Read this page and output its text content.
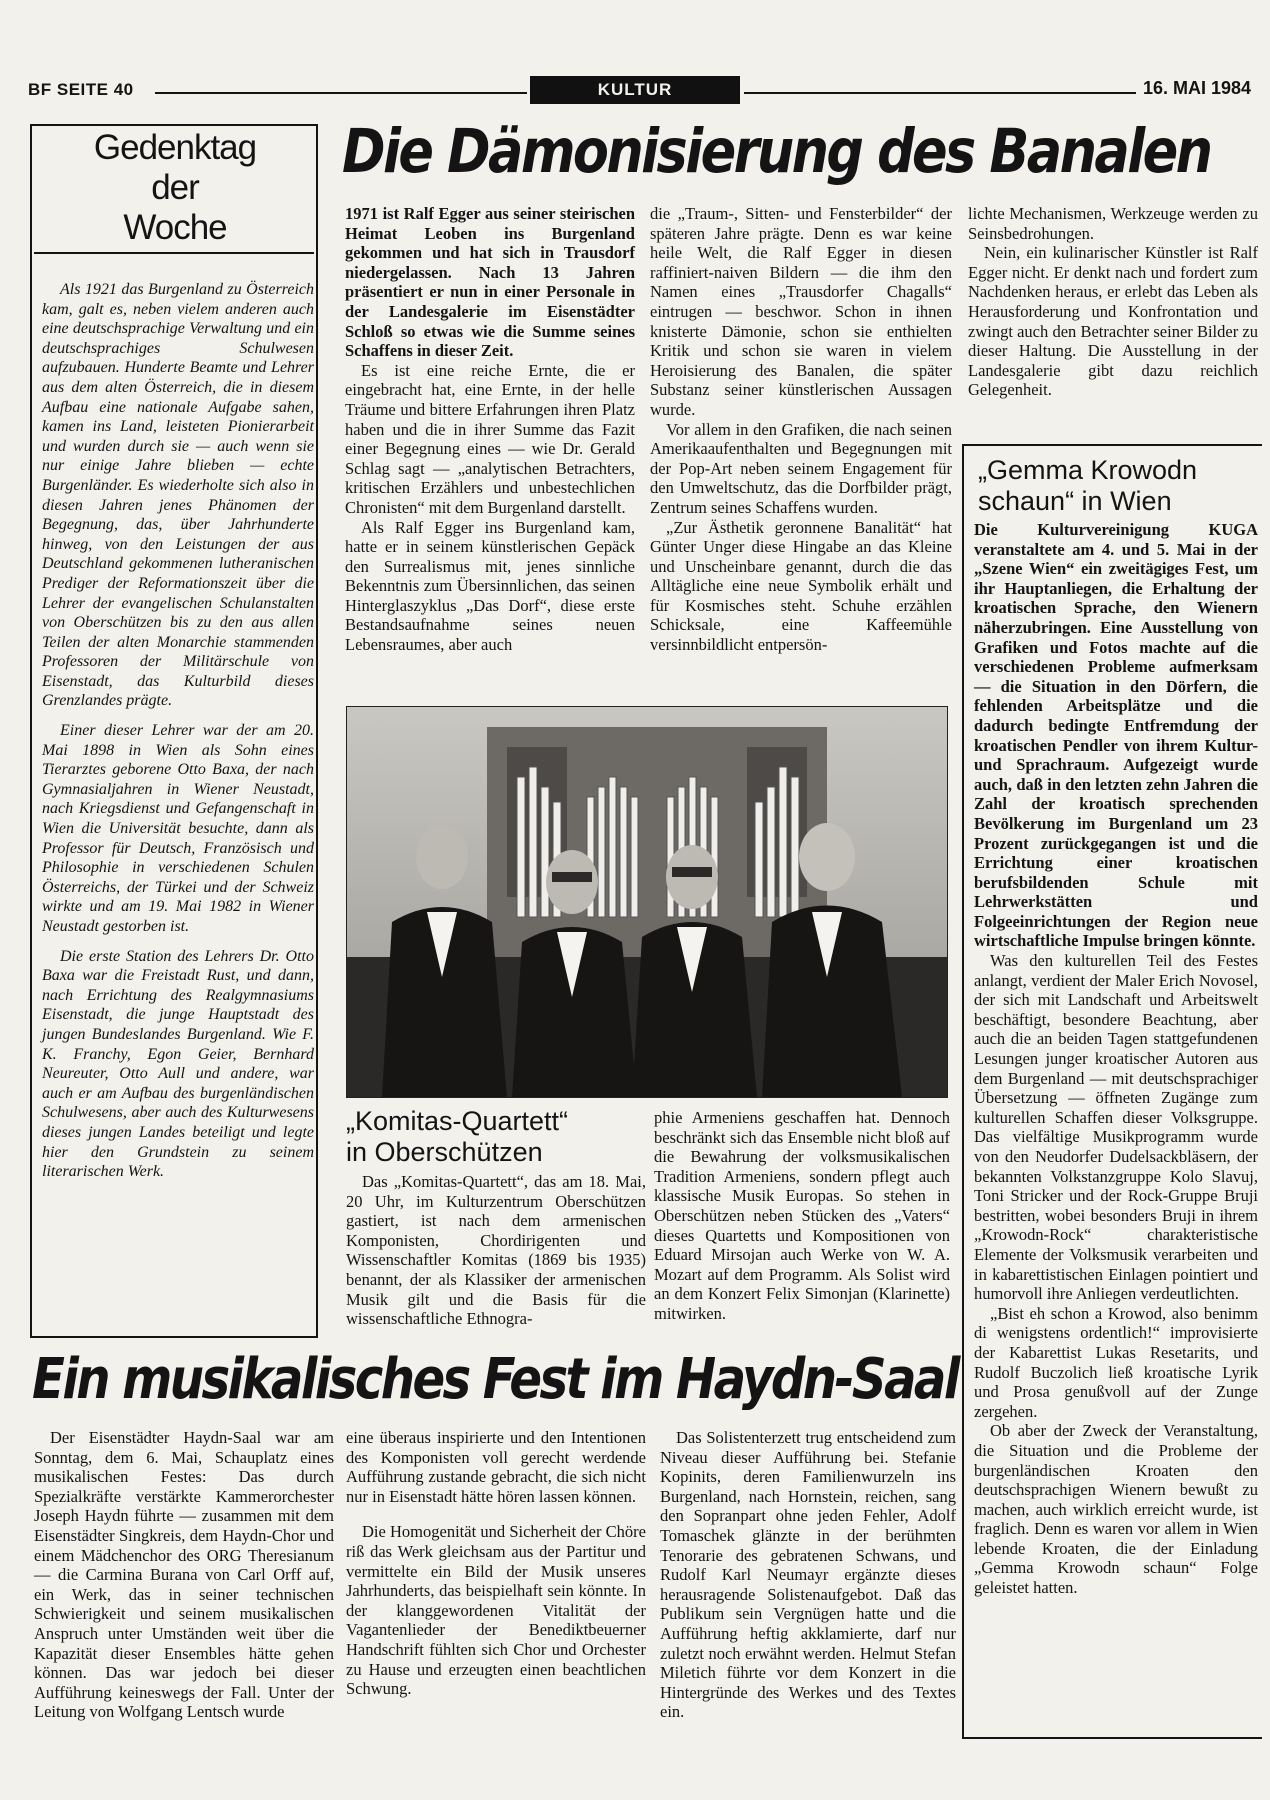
BF SEITE 40	KULTUR	16. MAI 1984
Gedenktag
der
Woche

Als 1921 das Burgenland zu Österreich kam, galt es, neben vielem anderen auch eine deutschsprachige Verwaltung und ein deutschsprachiges Schulwesen aufzubauen. Hunderte Beamte und Lehrer aus dem alten Österreich, die in diesem Aufbau eine nationale Aufgabe sahen, kamen ins Land, leisteten Pionierarbeit und wurden durch sie — auch wenn sie nur einige Jahre blieben — echte Burgenländer. Es wiederholte sich also in diesen Jahren jenes Phänomen der Begegnung, das, über Jahrhunderte hinweg, von den Leistungen der aus Deutschland gekommenen lutheranischen Prediger der Reformationszeit über die Lehrer der evangelischen Schulanstalten von Oberschützen bis zu den aus allen Teilen der alten Monarchie stammenden Professoren der Militärschule von Eisenstadt, das Kulturbild dieses Grenzlandes prägte.

Einer dieser Lehrer war der am 20. Mai 1898 in Wien als Sohn eines Tierarztes geborene Otto Baxa, der nach Gymnasialjahren in Wiener Neustadt, nach Kriegsdienst und Gefangenschaft in Wien die Universität besuchte, dann als Professor für Deutsch, Französisch und Philosophie in verschiedenen Schulen Österreichs, der Türkei und der Schweiz wirkte und am 19. Mai 1982 in Wiener Neustadt gestorben ist.

Die erste Station des Lehrers Dr. Otto Baxa war die Freistadt Rust, und dann, nach Errichtung des Realgymnasiums Eisenstadt, die junge Hauptstadt des jungen Bundeslandes Burgenland. Wie F. K. Franchy, Egon Geier, Bernhard Neureuter, Otto Aull und andere, war auch er am Aufbau des burgenländischen Schulwesens, aber auch des Kulturwesens dieses jungen Landes beteiligt und legte hier den Grundstein zu seinem literarischen Werk.

Die Dämonisierung des Banalen

1971 ist Ralf Egger aus seiner steirischen Heimat Leoben ins Burgenland gekommen und hat sich in Trausdorf niedergelassen. Nach 13 Jahren präsentiert er nun in einer Personale in der Landesgalerie im Eisenstädter Schloß so etwas wie die Summe seines Schaffens in dieser Zeit.

Es ist eine reiche Ernte, die er eingebracht hat, eine Ernte, in der helle Träume und bittere Erfahrungen ihren Platz haben und die in ihrer Summe das Fazit einer Begegnung eines — wie Dr. Gerald Schlag sagt — „analytischen Betrachters, kritischen Erzählers und unbestechlichen Chronisten“ mit dem Burgenland darstellt.

Als Ralf Egger ins Burgenland kam, hatte er in seinem künstlerischen Gepäck den Surrealismus mit, jenes sinnliche Bekenntnis zum Übersinnlichen, das seinen Hinterglaszyklus „Das Dorf“, diese erste Bestandsaufnahme seines neuen Lebensraumes, aber auch

die „Traum-, Sitten- und Fensterbilder“ der späteren Jahre prägte. Denn es war keine heile Welt, die Ralf Egger in diesen raffiniert-naiven Bildern — die ihm den Namen eines „Trausdorfer Chagalls“ eintrugen — beschwor. Schon in ihnen knisterte Dämonie, schon sie enthielten Kritik und schon sie waren in vielem Heroisierung des Banalen, die später Substanz seiner künstlerischen Aussagen wurde.

Vor allem in den Grafiken, die nach seinen Amerikaaufenthalten und Begegnungen mit der Pop-Art neben seinem Engagement für den Umweltschutz, das die Dorfbilder prägt, Zentrum seines Schaffens wurden.

„Zur Ästhetik geronnene Banalität“ hat Günter Unger diese Hingabe an das Kleine und Unscheinbare genannt, durch die das Alltägliche eine neue Symbolik erhält und für Kosmisches steht. Schuhe erzählen Schicksale, eine Kaffeemühle versinnbildlicht entpersön-

lichte Mechanismen, Werkzeuge werden zu Seinsbedrohungen.

Nein, ein kulinarischer Künstler ist Ralf Egger nicht. Er denkt nach und fordert zum Nachdenken heraus, er erlebt das Leben als Herausforderung und Konfrontation und zwingt auch den Betrachter seiner Bilder zu dieser Haltung. Die Ausstellung in der Landesgalerie gibt dazu reichlich Gelegenheit.

„Komitas-Quartett“
in Oberschützen

Das „Komitas-Quartett“, das am 18. Mai, 20 Uhr, im Kulturzentrum Oberschützen gastiert, ist nach dem armenischen Komponisten, Chordirigenten und Wissenschaftler Komitas (1869 bis 1935) benannt, der als Klassiker der armenischen Musik gilt und die Basis für die wissenschaftliche Ethnogra-

phie Armeniens geschaffen hat. Dennoch beschränkt sich das Ensemble nicht bloß auf die Bewahrung der volksmusikalischen Tradition Armeniens, sondern pflegt auch klassische Musik Europas. So stehen in Oberschützen neben Stücken des „Vaters“ dieses Quartetts und Kompositionen von Eduard Mirsojan auch Werke von W. A. Mozart auf dem Programm. Als Solist wird an dem Konzert Felix Simonjan (Klarinette) mitwirken.

„Gemma Krowodn
schaun“ in Wien

Die Kulturvereinigung KUGA veranstaltete am 4. und 5. Mai in der „Szene Wien“ ein zweitägiges Fest, um ihr Hauptanliegen, die Erhaltung der kroatischen Sprache, den Wienern näherzubringen. Eine Ausstellung von Grafiken und Fotos machte auf die verschiedenen Probleme aufmerksam — die Situation in den Dörfern, die fehlenden Arbeitsplätze und die dadurch bedingte Entfremdung der kroatischen Pendler von ihrem Kultur- und Sprachraum. Aufgezeigt wurde auch, daß in den letzten zehn Jahren die Zahl der kroatisch sprechenden Bevölkerung im Burgenland um 23 Prozent zurückgegangen ist und die Errichtung einer kroatischen berufsbildenden Schule mit Lehrwerkstätten und Folgeeinrichtungen der Region neue wirtschaftliche Impulse bringen könnte.

Was den kulturellen Teil des Festes anlangt, verdient der Maler Erich Novosel, der sich mit Landschaft und Arbeitswelt beschäftigt, besondere Beachtung, aber auch die an beiden Tagen stattgefundenen Lesungen junger kroatischer Autoren aus dem Burgenland — mit deutschsprachiger Übersetzung — öffneten Zugänge zum kulturellen Schaffen dieser Volksgruppe. Das vielfältige Musikprogramm wurde von den Neudorfer Dudelsackbläsern, der bekannten Volkstanzgruppe Kolo Slavuj, Toni Stricker und der Rock-Gruppe Bruji bestritten, wobei besonders Bruji in ihrem „Krowodn-Rock“ charakteristische Elemente der Volksmusik verarbeiten und in kabarettistischen Einlagen pointiert und humorvoll ihre Anliegen verdeutlichten.

„Bist eh schon a Krowod, also benimm di wenigstens ordentlich!“ improvisierte der Kabarettist Lukas Resetarits, und Rudolf Buczolich ließ kroatische Lyrik und Prosa genußvoll auf der Zunge zergehen.

Ob aber der Zweck der Veranstaltung, die Situation und die Probleme der burgenländischen Kroaten den deutschsprachigen Wienern bewußt zu machen, auch wirklich erreicht wurde, ist fraglich. Denn es waren vor allem in Wien lebende Kroaten, die der Einladung „Gemma Krowodn schaun“ Folge geleistet hatten.

Ein musikalisches Fest im Haydn-Saal

Der Eisenstädter Haydn-Saal war am Sonntag, dem 6. Mai, Schauplatz eines musikalischen Festes: Das durch Spezialkräfte verstärkte Kammerorchester Joseph Haydn führte — zusammen mit dem Eisenstädter Singkreis, dem Haydn-Chor und einem Mädchenchor des ORG Theresianum — die Carmina Burana von Carl Orff auf, ein Werk, das in seiner technischen Schwierigkeit und seinem musikalischen Anspruch unter Umständen weit über die Kapazität dieser Ensembles hätte gehen können. Das war jedoch bei dieser Aufführung keineswegs der Fall. Unter der Leitung von Wolfgang Lentsch wurde

eine überaus inspirierte und den Intentionen des Komponisten voll gerecht werdende Aufführung zustande gebracht, die sich nicht nur in Eisenstadt hätte hören lassen können.

Die Homogenität und Sicherheit der Chöre riß das Werk gleichsam aus der Partitur und vermittelte ein Bild der Musik unseres Jahrhunderts, das beispielhaft sein könnte. In der klanggewordenen Vitalität der Vagantenlieder der Benediktbeuerner Handschrift fühlten sich Chor und Orchester zu Hause und erzeugten einen beachtlichen Schwung.

Das Solistenterzett trug entscheidend zum Niveau dieser Aufführung bei. Stefanie Kopinits, deren Familienwurzeln ins Burgenland, nach Hornstein, reichen, sang den Sopranpart ohne jeden Fehler, Adolf Tomaschek glänzte in der berühmten Tenorarie des gebratenen Schwans, und Rudolf Karl Neumayr ergänzte dieses herausragende Solistenaufgebot. Daß das Publikum sein Vergnügen hatte und die Aufführung heftig akklamierte, darf nur zuletzt noch erwähnt werden. Helmut Stefan Miletich führte vor dem Konzert in die Hintergründe des Werkes und des Textes ein.
